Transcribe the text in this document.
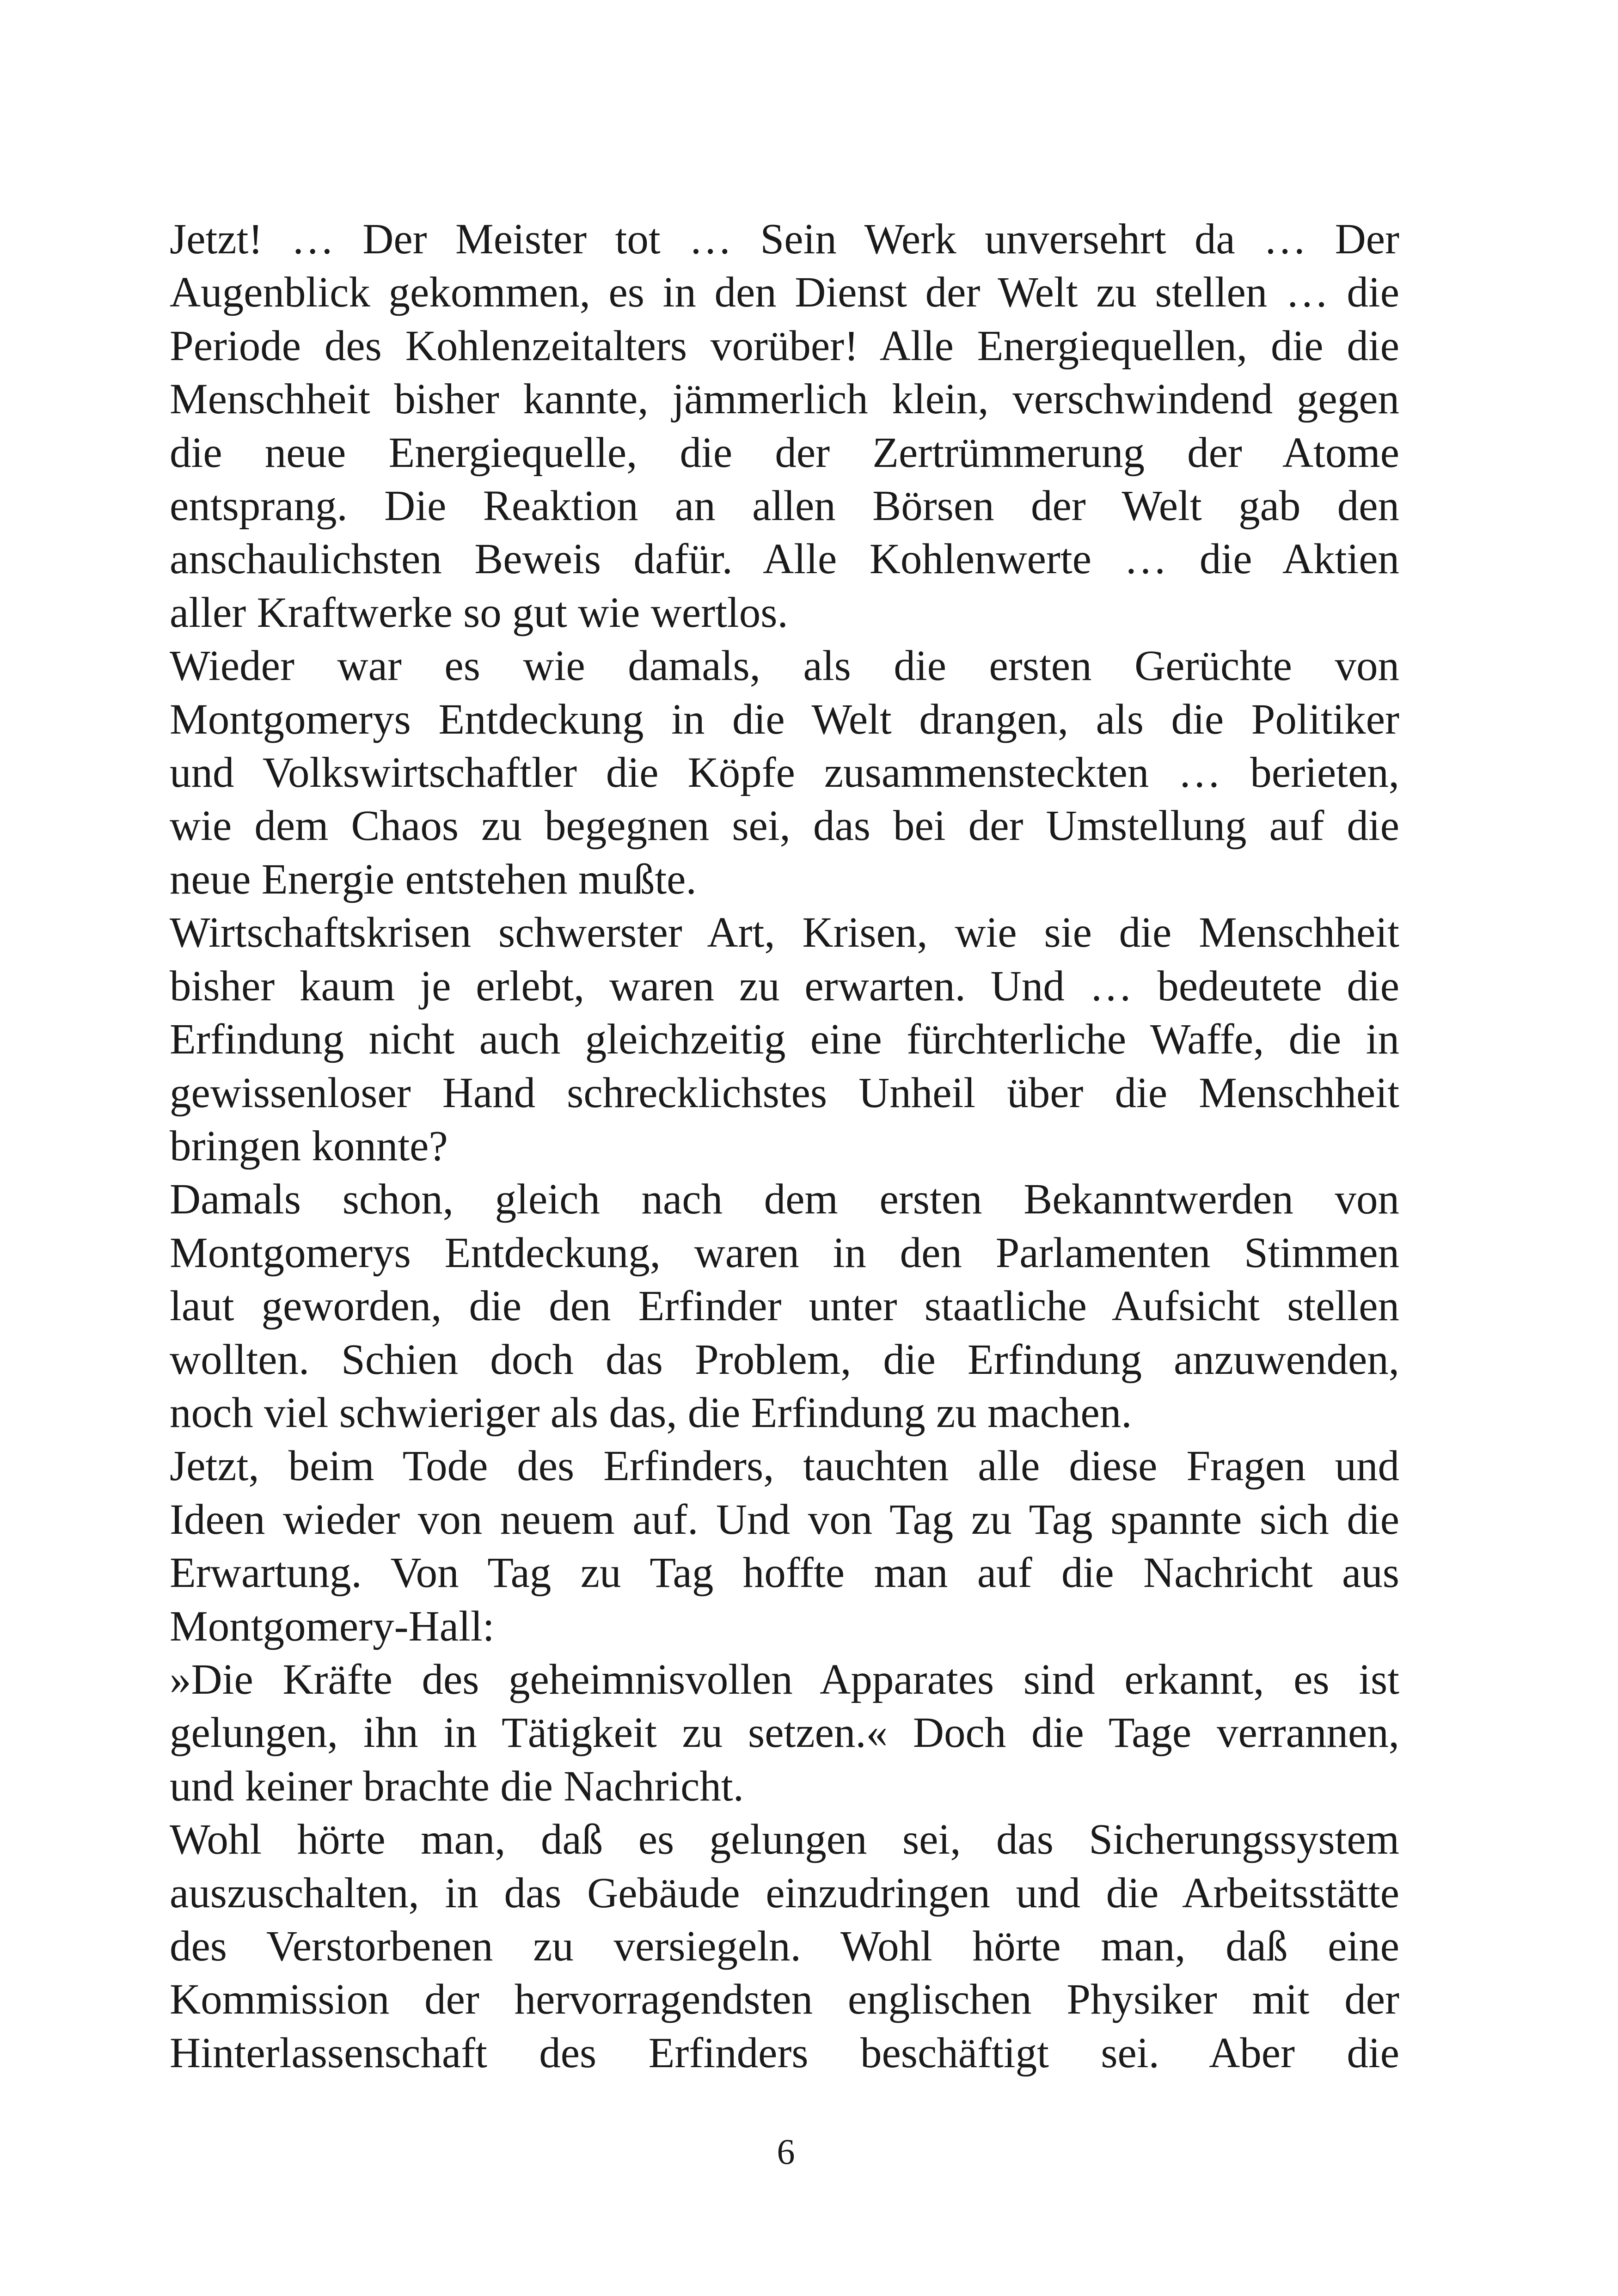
Jetzt! … Der Meister tot … Sein Werk unversehrt da … Der
Augenblick gekommen, es in den Dienst der Welt zu stellen … die
Periode des Kohlenzeitalters vorüber! Alle Energiequellen, die die
Menschheit bisher kannte, jämmerlich klein, verschwindend gegen
die neue Energiequelle, die der Zertrümmerung der Atome
entsprang. Die Reaktion an allen Börsen der Welt gab den
anschaulichsten Beweis dafür. Alle Kohlenwerte … die Aktien
aller Kraftwerke so gut wie wertlos.
Wieder war es wie damals, als die ersten Gerüchte von
Montgomerys Entdeckung in die Welt drangen, als die Politiker
und Volkswirtschaftler die Köpfe zusammensteckten … berieten,
wie dem Chaos zu begegnen sei, das bei der Umstellung auf die
neue Energie entstehen mußte.
Wirtschaftskrisen schwerster Art, Krisen, wie sie die Menschheit
bisher kaum je erlebt, waren zu erwarten. Und … bedeutete die
Erfindung nicht auch gleichzeitig eine fürchterliche Waffe, die in
gewissenloser Hand schrecklichstes Unheil über die Menschheit
bringen konnte?
Damals schon, gleich nach dem ersten Bekanntwerden von
Montgomerys Entdeckung, waren in den Parlamenten Stimmen
laut geworden, die den Erfinder unter staatliche Aufsicht stellen
wollten. Schien doch das Problem, die Erfindung anzuwenden,
noch viel schwieriger als das, die Erfindung zu machen.
Jetzt, beim Tode des Erfinders, tauchten alle diese Fragen und
Ideen wieder von neuem auf. Und von Tag zu Tag spannte sich die
Erwartung. Von Tag zu Tag hoffte man auf die Nachricht aus
Montgomery-Hall:
»Die Kräfte des geheimnisvollen Apparates sind erkannt, es ist
gelungen, ihn in Tätigkeit zu setzen.« Doch die Tage verrannen,
und keiner brachte die Nachricht.
Wohl hörte man, daß es gelungen sei, das Sicherungssystem
auszuschalten, in das Gebäude einzudringen und die Arbeitsstätte
des Verstorbenen zu versiegeln. Wohl hörte man, daß eine
Kommission der hervorragendsten englischen Physiker mit der
Hinterlassenschaft des Erfinders beschäftigt sei. Aber die
6
